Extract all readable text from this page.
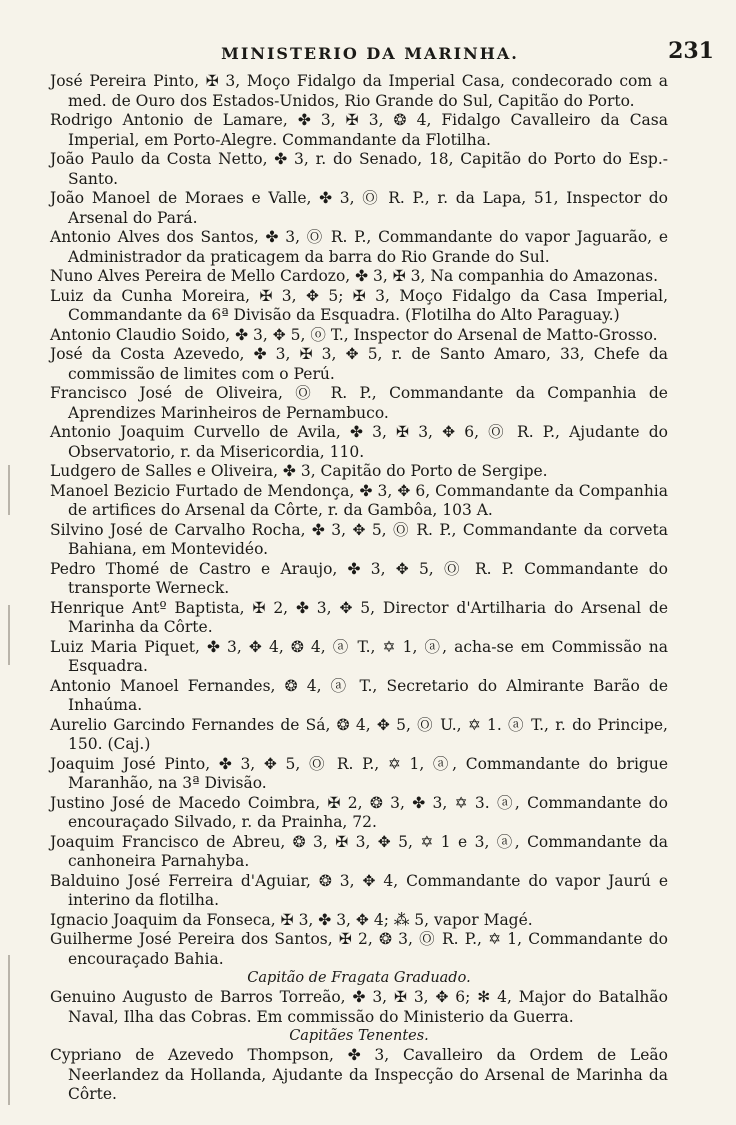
MINISTERIO DA MARINHA.	231
José Pereira Pinto, ✠ 3, Moço Fidalgo da Imperial Casa, condecorado com a med. de Ouro dos Estados-Unidos, Rio Grande do Sul, Capitão do Porto.
Rodrigo Antonio de Lamare, ✤ 3, ✠ 3, ❂ 4, Fidalgo Cavalleiro da Casa Imperial, em Porto-Alegre. Commandante da Flotilha.
João Paulo da Costa Netto, ✤ 3, r. do Senado, 18, Capitão do Porto do Esp.-Santo.
João Manoel de Moraes e Valle, ✤ 3, Ⓞ R. P., r. da Lapa, 51, Inspector do Arsenal do Pará.
Antonio Alves dos Santos, ✤ 3, Ⓞ R. P., Commandante do vapor Jaguarão, e Administrador da praticagem da barra do Rio Grande do Sul.
Nuno Alves Pereira de Mello Cardozo, ✤ 3, ✠ 3, Na companhia do Amazonas.
Luiz da Cunha Moreira, ✠ 3, ✥ 5; ✠ 3, Moço Fidalgo da Casa Imperial, Commandante da 6ª Divisão da Esquadra. (Flotilha do Alto Paraguay.)
Antonio Claudio Soido, ✤ 3, ✥ 5, ⓞ T., Inspector do Arsenal de Matto-Grosso.
José da Costa Azevedo, ✤ 3, ✠ 3, ✥ 5, r. de Santo Amaro, 33, Chefe da commissão de limites com o Perú.
Francisco José de Oliveira, Ⓞ R. P., Commandante da Companhia de Aprendizes Marinheiros de Pernambuco.
Antonio Joaquim Curvello de Avila, ✤ 3, ✠ 3, ✥ 6, Ⓞ R. P., Ajudante do Observatorio, r. da Misericordia, 110.
Ludgero de Salles e Oliveira, ✤ 3, Capitão do Porto de Sergipe.
Manoel Bezicio Furtado de Mendonça, ✤ 3, ✥ 6, Commandante da Companhia de artifices do Arsenal da Côrte, r. da Gambôa, 103 A.
Silvino José de Carvalho Rocha, ✤ 3, ✥ 5, Ⓞ R. P., Commandante da corveta Bahiana, em Montevidéo.
Pedro Thomé de Castro e Araujo, ✤ 3, ✥ 5, Ⓞ R. P. Commandante do transporte Werneck.
Henrique Antº Baptista, ✠ 2, ✤ 3, ✥ 5, Director d'Artilharia do Arsenal de Marinha da Côrte.
Luiz Maria Piquet, ✤ 3, ✥ 4, ❂ 4, ⓐ T., ✡ 1, ⓐ, acha-se em Commissão na Esquadra.
Antonio Manoel Fernandes, ❂ 4, ⓐ T., Secretario do Almirante Barão de Inhaúma.
Aurelio Garcindo Fernandes de Sá, ❂ 4, ✥ 5, Ⓞ U., ✡ 1. ⓐ T., r. do Principe, 150. (Caj.)
Joaquim José Pinto, ✤ 3, ✥ 5, Ⓞ R. P., ✡ 1, ⓐ, Commandante do brigue Maranhão, na 3ª Divisão.
Justino José de Macedo Coimbra, ✠ 2, ❂ 3, ✤ 3, ✡ 3. ⓐ, Commandante do encouraçado Silvado, r. da Prainha, 72.
Joaquim Francisco de Abreu, ❂ 3, ✠ 3, ✥ 5, ✡ 1 e 3, ⓐ, Commandante da canhoneira Parnahyba.
Balduino José Ferreira d'Aguiar, ❂ 3, ✥ 4, Commandante do vapor Jaurú e interino da flotilha.
Ignacio Joaquim da Fonseca, ✠ 3, ✤ 3, ✥ 4; ⁂ 5, vapor Magé.
Guilherme José Pereira dos Santos, ✠ 2, ❂ 3, Ⓞ R. P., ✡ 1, Commandante do encouraçado Bahia.
Capitão de Fragata Graduado.
Genuino Augusto de Barros Torreão, ✤ 3, ✠ 3, ✥ 6; ✻ 4, Major do Batalhão Naval, Ilha das Cobras. Em commissão do Ministerio da Guerra.
Capitães Tenentes.
Cypriano de Azevedo Thompson, ✤ 3, Cavalleiro da Ordem de Leão Neerlandez da Hollanda, Ajudante da Inspecção do Arsenal de Marinha da Côrte.
